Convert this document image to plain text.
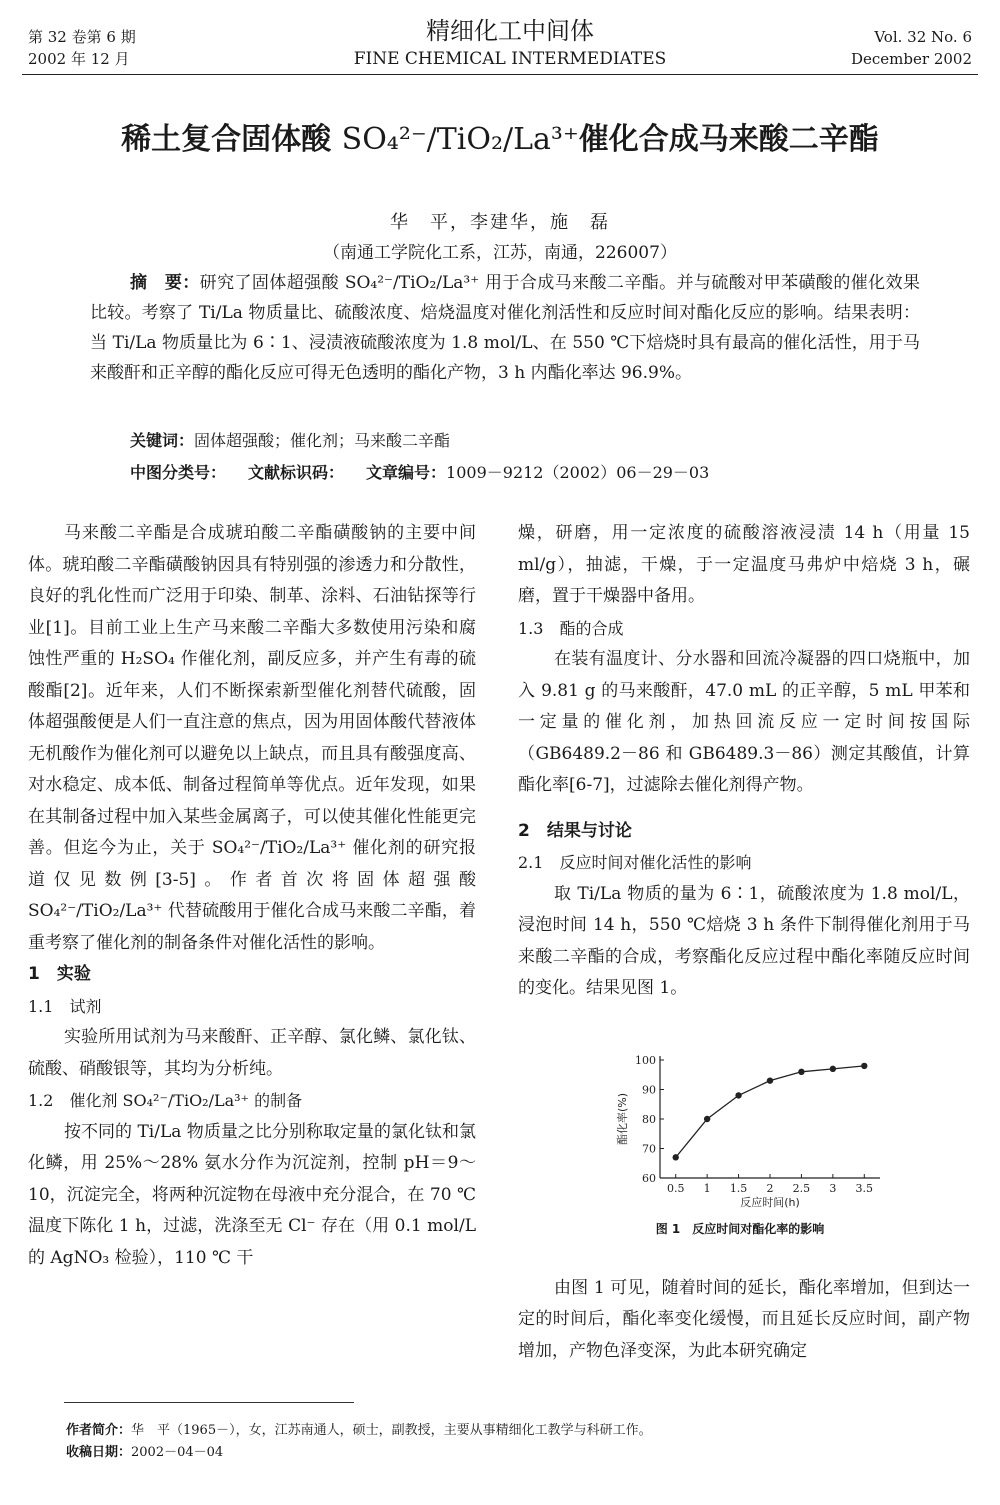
第 32 卷第 6 期
2002 年 12 月
精细化工中间体
FINE CHEMICAL INTERMEDIATES
Vol. 32 No. 6
December 2002
稀土复合固体酸 SO₄²⁻/TiO₂/La³⁺催化合成马来酸二辛酯
华　平，李建华，施　磊
（南通工学院化工系，江苏，南通，226007）

摘　要：研究了固体超强酸 SO₄²⁻/TiO₂/La³⁺ 用于合成马来酸二辛酯。并与硫酸对甲苯磺酸的催化效果比较。考察了 Ti/La 物质量比、硫酸浓度、焙烧温度对催化剂活性和反应时间对酯化反应的影响。结果表明：当 Ti/La 物质量比为 6∶1、浸渍液硫酸浓度为 1.8 mol/L、在 550 ℃下焙烧时具有最高的催化活性，用于马来酸酐和正辛醇的酯化反应可得无色透明的酯化产物，3 h 内酯化率达 96.9%。

关键词：固体超强酸；催化剂；马来酸二辛酯
中图分类号： 文献标识码： 文章编号：1009－9212（2002）06－29－03

马来酸二辛酯是合成琥珀酸二辛酯磺酸钠的主要中间体。琥珀酸二辛酯磺酸钠因具有特别强的渗透力和分散性，良好的乳化性而广泛用于印染、制革、涂料、石油钻探等行业[1]。目前工业上生产马来酸二辛酯大多数使用污染和腐蚀性严重的 H₂SO₄ 作催化剂，副反应多，并产生有毒的硫酸酯[2]。近年来，人们不断探索新型催化剂替代硫酸，固体超强酸便是人们一直注意的焦点，因为用固体酸代替液体无机酸作为催化剂可以避免以上缺点，而且具有酸强度高、对水稳定、成本低、制备过程简单等优点。近年发现，如果在其制备过程中加入某些金属离子，可以使其催化性能更完善。但迄今为止，关于 SO₄²⁻/TiO₂/La³⁺ 催化剂的研究报道仅见数例[3-5]。作者首次将固体超强酸 SO₄²⁻/TiO₂/La³⁺ 代替硫酸用于催化合成马来酸二辛酯，着重考察了催化剂的制备条件对催化活性的影响。

1　实验

1.1　试剂

实验所用试剂为马来酸酐、正辛醇、氯化鳞、氯化钛、硫酸、硝酸银等，其均为分析纯。

1.2　催化剂 SO₄²⁻/TiO₂/La³⁺ 的制备

按不同的 Ti/La 物质量之比分别称取定量的氯化钛和氯化鳞，用 25%～28% 氨水分作为沉淀剂，控制 pH＝9～10，沉淀完全，将两种沉淀物在母液中充分混合，在 70 ℃温度下陈化 1 h，过滤，洗涤至无 Cl⁻ 存在（用 0.1 mol/L 的 AgNO₃ 检验），110 ℃ 干

燥，研磨，用一定浓度的硫酸溶液浸渍 14 h（用量 15 ml/g），抽滤，干燥，于一定温度马弗炉中焙烧 3 h，碾磨，置于干燥器中备用。

1.3　酯的合成

在装有温度计、分水器和回流冷凝器的四口烧瓶中，加入 9.81 g 的马来酸酐，47.0 mL 的正辛醇，5 mL 甲苯和一定量的催化剂，加热回流反应一定时间按国际（GB6489.2－86 和 GB6489.3－86）测定其酸值，计算酯化率[6-7]，过滤除去催化剂得产物。

2　结果与讨论

2.1　反应时间对催化活性的影响

取 Ti/La 物质的量为 6∶1，硫酸浓度为 1.8 mol/L，浸泡时间 14 h，550 ℃焙烧 3 h 条件下制得催化剂用于马来酸二辛酯的合成，考察酯化反应过程中酯化率随反应时间的变化。结果见图 1。

由图 1 可见，随着时间的延长，酯化率增加，但到达一定的时间后，酯化率变化缓慢，而且延长反应时间，副产物增加，产物色泽变深，为此本研究确定

反应时间(h)
酯化率(%)
60
70
80
90
100
0.5 1 1.5 2 2.5 3 3.5
图 1　反应时间对酯化率的影响
作者简介：华　平（1965－），女，江苏南通人，硕士，副教授，主要从事精细化工教学与科研工作。
收稿日期：2002－04－04
